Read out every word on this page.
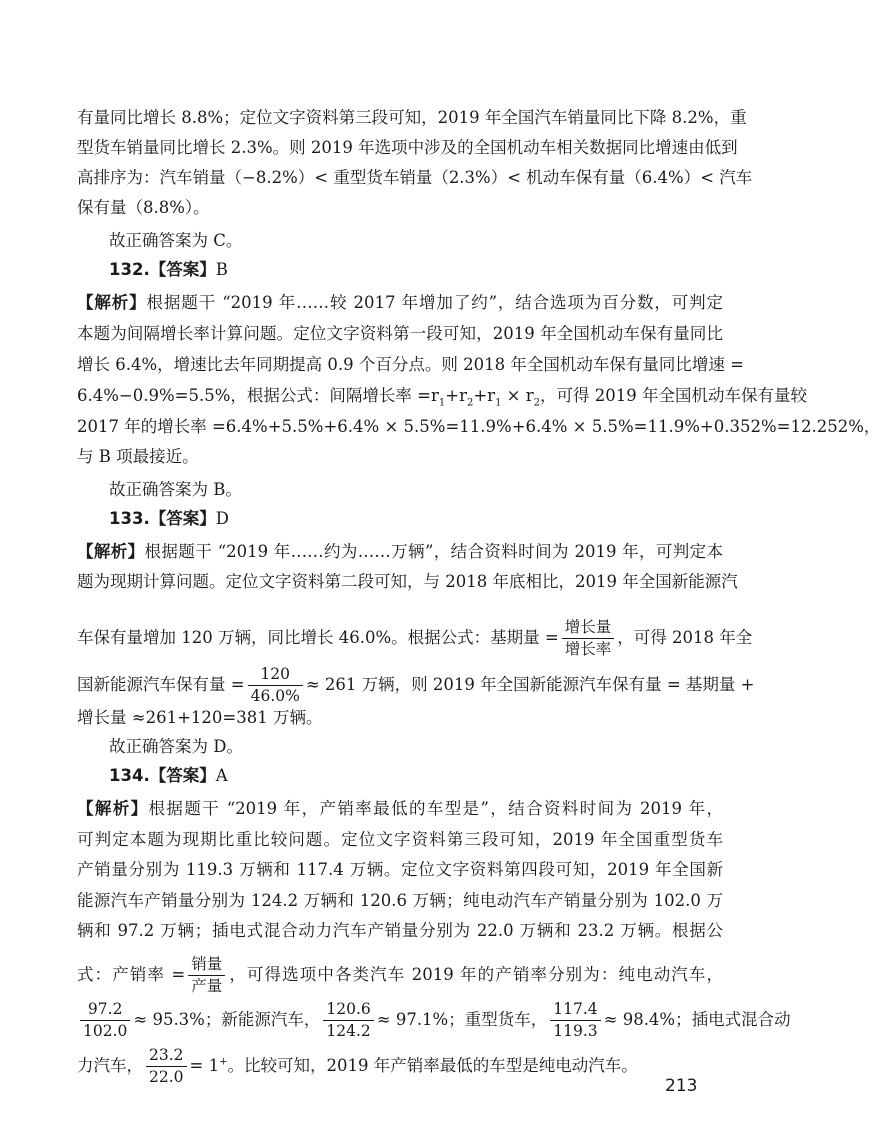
有量同比增长 8.8%；定位文字资料第三段可知，2019 年全国汽车销量同比下降 8.2%，重
型货车销量同比增长 2.3%。则 2019 年选项中涉及的全国机动车相关数据同比增速由低到
高排序为：汽车销量（−8.2%）< 重型货车销量（2.3%）< 机动车保有量（6.4%）< 汽车
保有量（8.8%）。
故正确答案为 C。
132.【答案】B
【解析】根据题干 “2019 年……较 2017 年增加了约”，结合选项为百分数，可判定
本题为间隔增长率计算问题。定位文字资料第一段可知，2019 年全国机动车保有量同比
增长 6.4%，增速比去年同期提高 0.9 个百分点。则 2018 年全国机动车保有量同比增速 =
6.4%−0.9%=5.5%，根据公式：间隔增长率 $=r_1+r_2+r_1 \times r_2$，可得 2019 年全国机动车保有量较
2017 年的增长率 =6.4%+5.5%+6.4% × 5.5%=11.9%+6.4% × 5.5%=11.9%+0.352%=12.252%，
与 B 项最接近。
故正确答案为 B。
133.【答案】D
【解析】根据题干 “2019 年……约为……万辆”，结合资料时间为 2019 年，可判定本
题为现期计算问题。定位文字资料第二段可知，与 2018 年底相比，2019 年全国新能源汽
车保有量增加 120 万辆，同比增长 46.0%。根据公式：基期量 = $\frac{\text{增长量}}{\text{增长率}}$ ，可得 2018 年全
国新能源汽车保有量 = $\frac{120}{46.0\%} \approx 261$ 万辆，则 2019 年全国新能源汽车保有量 = 基期量 +
增长量 ≈261+120=381 万辆。
故正确答案为 D。
134.【答案】A
【解析】根据题干 “2019 年，产销率最低的车型是”，结合资料时间为 2019 年，
可判定本题为现期比重比较问题。定位文字资料第三段可知，2019 年全国重型货车
产销量分别为 119.3 万辆和 117.4 万辆。定位文字资料第四段可知，2019 年全国新
能源汽车产销量分别为 124.2 万辆和 120.6 万辆；纯电动汽车产销量分别为 102.0 万
辆和 97.2 万辆；插电式混合动力汽车产销量分别为 22.0 万辆和 23.2 万辆。根据公
式：产销率 = $\frac{\text{销量}}{\text{产量}}$ ，可得选项中各类汽车 2019 年的产销率分别为：纯电动汽车，
$\frac{97.2}{102.0} \approx 95.3\%$；新能源汽车， $\frac{120.6}{124.2} \approx 97.1\%$；重型货车， $\frac{117.4}{119.3} \approx 98.4\%$；插电式混合动
力汽车， $\frac{23.2}{22.0} = 1^+$。比较可知，2019 年产销率最低的车型是纯电动汽车。
213
